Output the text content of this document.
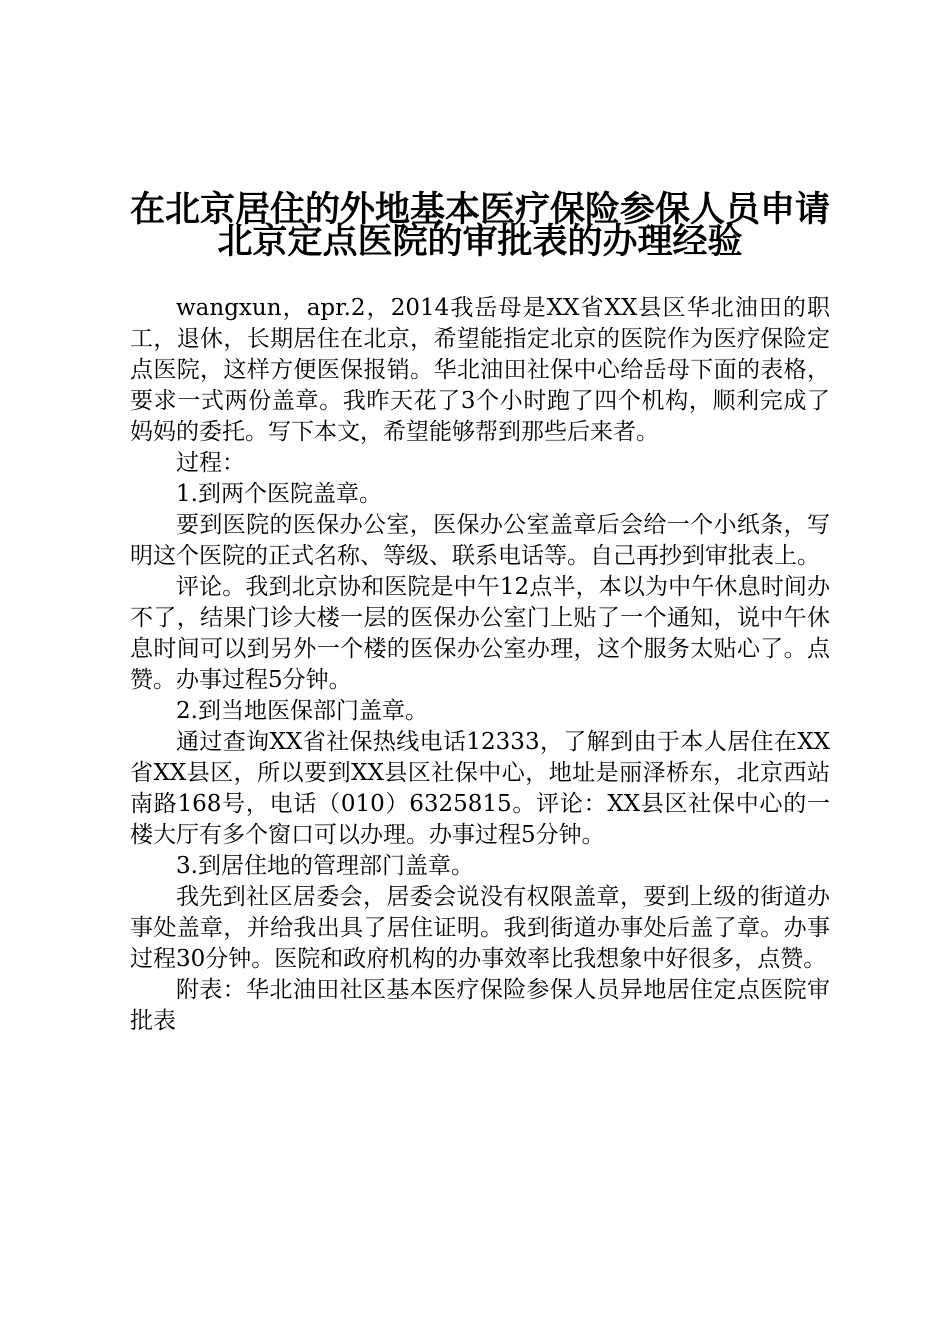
在北京居住的外地基本医疗保险参保人员申请
北京定点医院的审批表的办理经验

wangxun，apr.2，2014我岳母是XX省XX县区华北油田的职工，退休，长期居住在北京，希望能指定北京的医院作为医疗保险定点医院，这样方便医保报销。华北油田社保中心给岳母下面的表格，要求一式两份盖章。我昨天花了3个小时跑了四个机构，顺利完成了妈妈的委托。写下本文，希望能够帮到那些后来者。

过程：

1.到两个医院盖章。

要到医院的医保办公室，医保办公室盖章后会给一个小纸条，写明这个医院的正式名称、等级、联系电话等。自己再抄到审批表上。

评论。我到北京协和医院是中午12点半，本以为中午休息时间办不了，结果门诊大楼一层的医保办公室门上贴了一个通知，说中午休息时间可以到另外一个楼的医保办公室办理，这个服务太贴心了。点赞。办事过程5分钟。

2.到当地医保部门盖章。

通过查询XX省社保热线电话12333，了解到由于本人居住在XX省XX县区，所以要到XX县区社保中心，地址是丽泽桥东，北京西站南路168号，电话（010）6325815。评论：XX县区社保中心的一楼大厅有多个窗口可以办理。办事过程5分钟。

3.到居住地的管理部门盖章。

我先到社区居委会，居委会说没有权限盖章，要到上级的街道办事处盖章，并给我出具了居住证明。我到街道办事处后盖了章。办事过程30分钟。医院和政府机构的办事效率比我想象中好很多，点赞。

附表：华北油田社区基本医疗保险参保人员异地居住定点医院审批表
